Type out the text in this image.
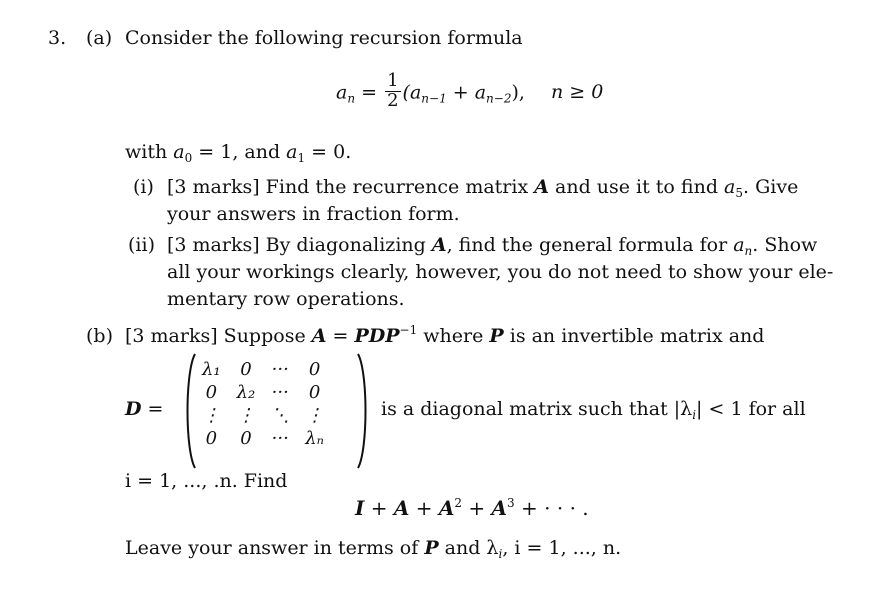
3. (a) Consider the following recursion formula
$a_n = \frac{1}{2} (a_{n-1} + a_{n-2})$, n ≥ 0
with $a_0 = 1$, and $a_1 = 0$.
(i) [3 marks] Find the recurrence matrix A and use it to find $a_5$. Give
your answers in fraction form.
(ii) [3 marks] By diagonalizing A, find the general formula for $a_n$. Show
all your workings clearly, however, you do not need to show your ele-
mentary row operations.
(b) [3 marks] Suppose $A = PDP^{-1}$ where P is an invertible matrix and
D =
λ₁	0	···	0
0	λ₂	···	0
⋮	⋮	⋱	⋮
0	0	···	λₙ
is a diagonal matrix such that $|\lambda_i| < 1$ for all
i = 1, ..., .n. Find
$I + A + A^2 + A^3$ + · · · .
Leave your answer in terms of P and $\lambda_i$, i = 1, ..., n.
